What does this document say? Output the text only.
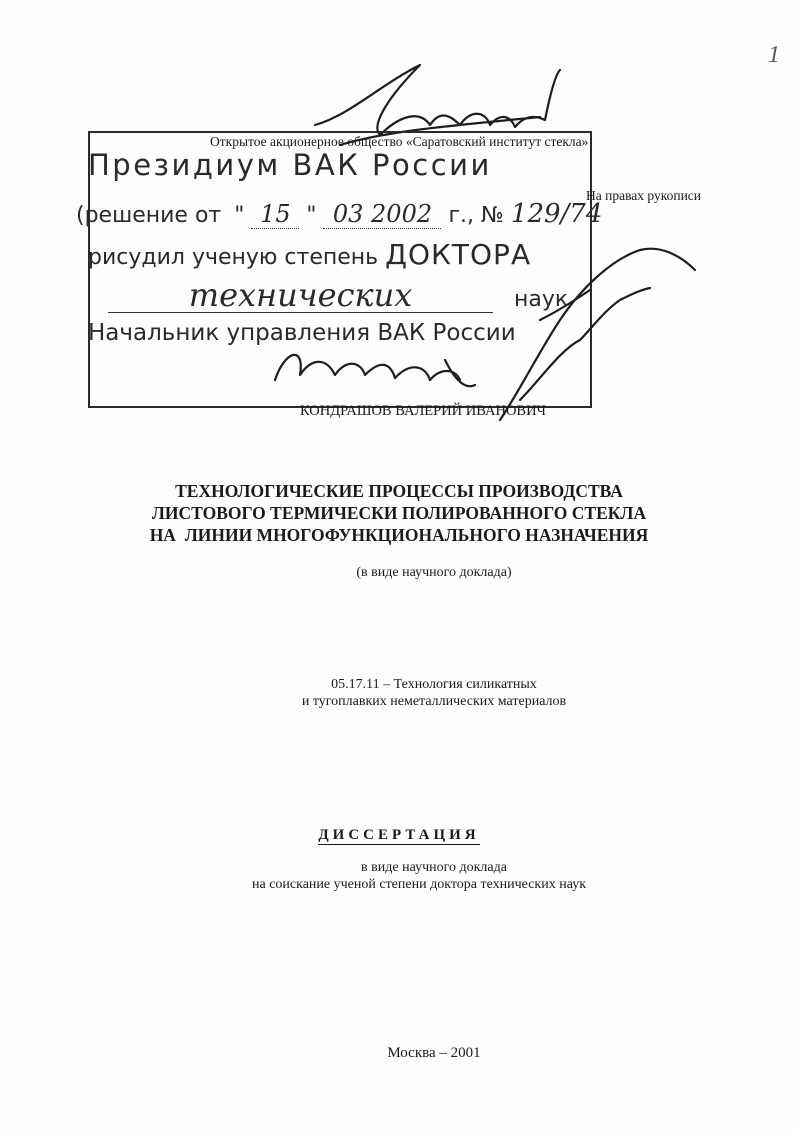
1
Открытое акционерное общество «Саратовский институт стекла»
На правах рукописи
Президиум ВАК России
(решение от " 15 " 03 2002 г., № 129/74
рисудил ученую степень ДОКТОРА
технических	наук
Начальник управления ВАК России
КОНДРАШОВ ВАЛЕРИЙ ИВАНОВИЧ
ТЕХНОЛОГИЧЕСКИЕ ПРОЦЕССЫ ПРОИЗВОДСТВА
ЛИСТОВОГО ТЕРМИЧЕСКИ ПОЛИРОВАННОГО СТЕКЛА
НА  ЛИНИИ МНОГОФУНКЦИОНАЛЬНОГО НАЗНАЧЕНИЯ
(в виде научного доклада)
05.17.11 – Технология силикатных
и тугоплавких неметаллических материалов
ДИССЕРТАЦИЯ
в виде научного доклада
на соискание ученой степени доктора технических наук
Москва – 2001
